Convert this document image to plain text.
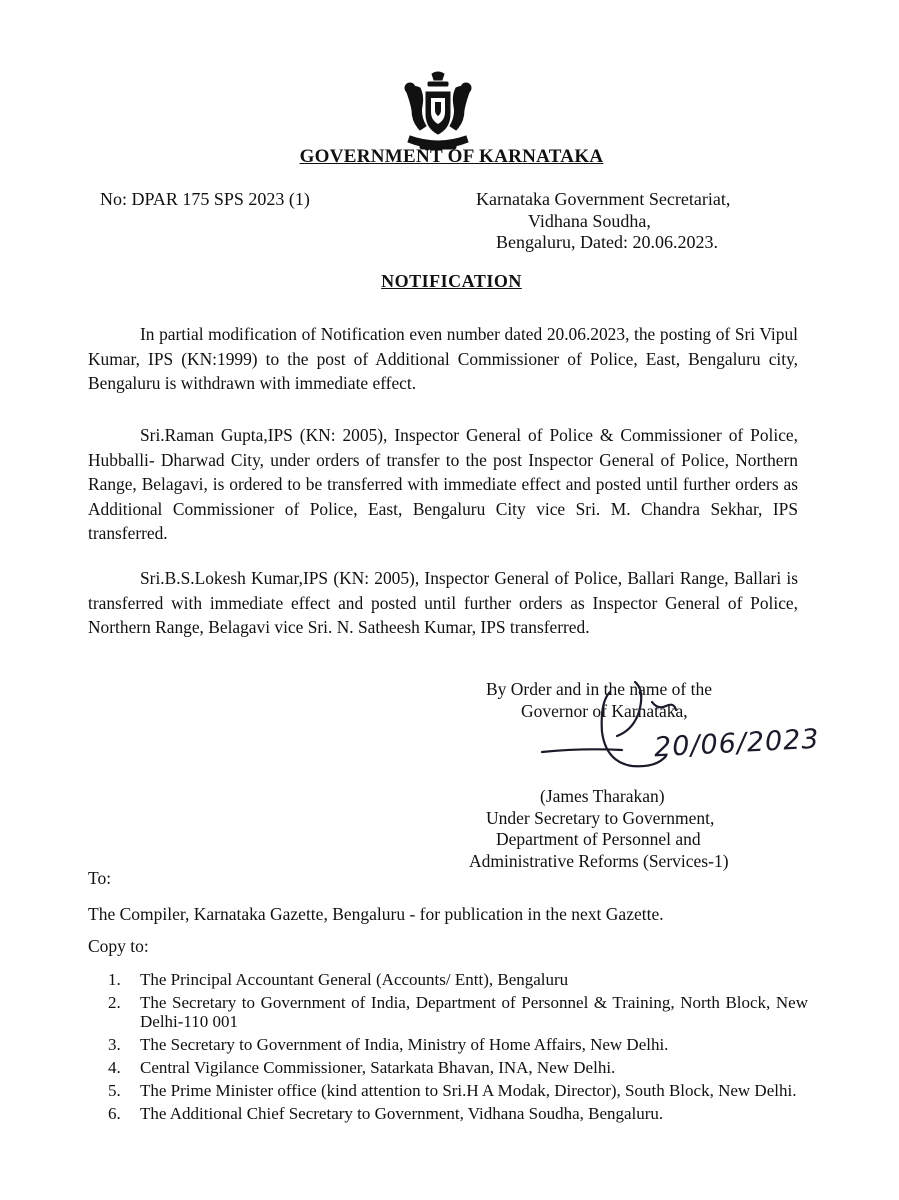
GOVERNMENT OF KARNATAKA
No: DPAR 175 SPS 2023 (1)	Karnataka Government Secretariat,
Vidhana Soudha,
Bengaluru, Dated: 20.06.2023.
NOTIFICATION

In partial modification of Notification even number dated 20.06.2023, the posting of Sri Vipul Kumar, IPS (KN:1999) to the post of Additional Commissioner of Police, East, Bengaluru city, Bengaluru is withdrawn with immediate effect.

Sri.Raman Gupta,IPS (KN: 2005), Inspector General of Police & Commissioner of Police, Hubballi- Dharwad City, under orders of transfer to the post Inspector General of Police, Northern Range, Belagavi, is ordered to be transferred with immediate effect and posted until further orders as Additional Commissioner of Police, East, Bengaluru City vice Sri. M. Chandra Sekhar, IPS transferred.

Sri.B.S.Lokesh Kumar,IPS (KN: 2005), Inspector General of Police, Ballari Range, Ballari is transferred with immediate effect and posted until further orders as Inspector General of Police, Northern Range, Belagavi vice Sri. N. Satheesh Kumar, IPS transferred.

By Order and in the name of the
Governor of Karnataka,
20/06/2023
(James Tharakan)
Under Secretary to Government,
Department of Personnel and
Administrative Reforms (Services-1)
To:
The Compiler, Karnataka Gazette, Bengaluru - for publication in the next Gazette.
Copy to:
1. The Principal Accountant General (Accounts/ Entt), Bengaluru
2. The Secretary to Government of India, Department of Personnel & Training, North Block, New Delhi-110 001
3. The Secretary to Government of India, Ministry of Home Affairs, New Delhi.
4. Central Vigilance Commissioner, Satarkata Bhavan, INA, New Delhi.
5. The Prime Minister office (kind attention to Sri.H A Modak, Director), South Block, New Delhi.
6. The Additional Chief Secretary to Government, Vidhana Soudha, Bengaluru.
